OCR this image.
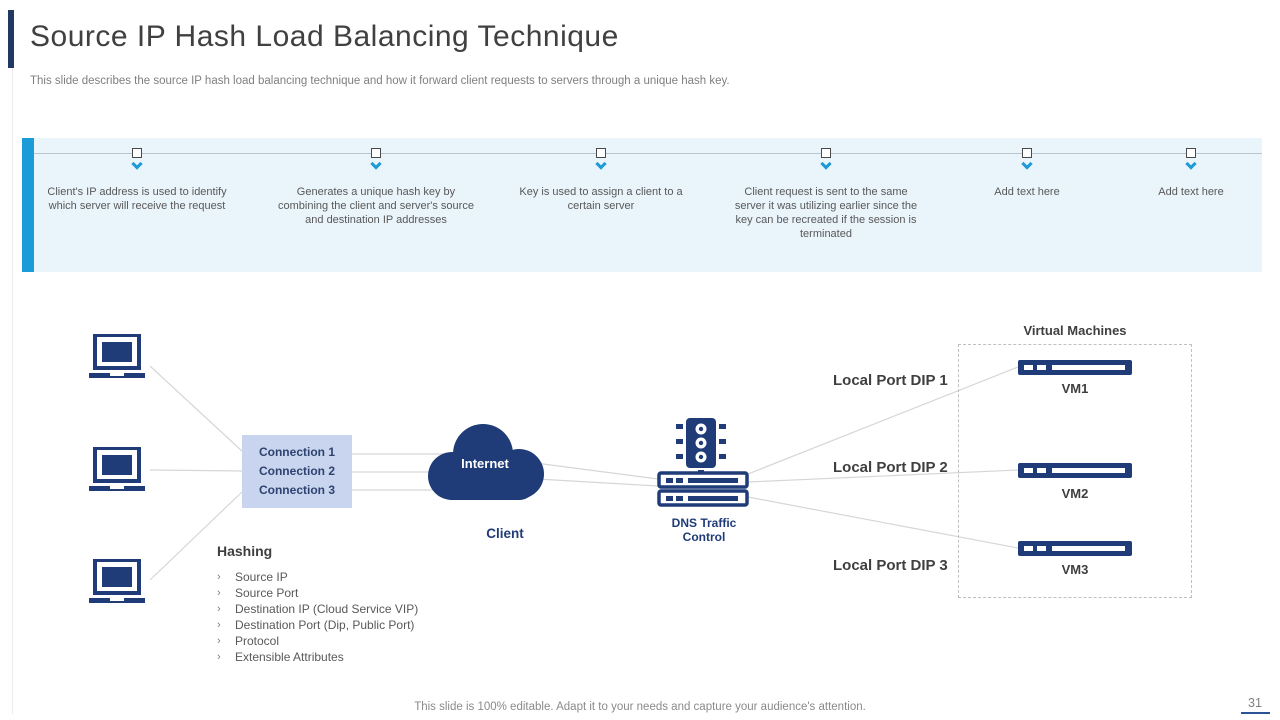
Source IP Hash Load Balancing Technique
This slide describes the source IP hash load balancing technique and how it forward client requests to servers through a unique hash key.
Client's IP address is used to identify which server will receive the request
Generates a unique hash key by combining the client and server's source and destination IP addresses
Key is used to assign a client to a certain server
Client request is sent to the same server it was utilizing earlier since the key can be recreated if the session is terminated
Add text here	Add text here
Connection 1
Connection 2
Connection 3
Internet
Client
DNS Traffic Control
Local Port DIP 1
Local Port DIP 2
Local Port DIP 3
Virtual Machines
VM1
VM2
VM3
Hashing
›	Source IP
›	Source Port
›	Destination IP (Cloud Service VIP)
›	Destination Port (Dip, Public Port)
›	Protocol
›	Extensible Attributes
This slide is 100% editable. Adapt it to your needs and capture your audience's attention.	31
